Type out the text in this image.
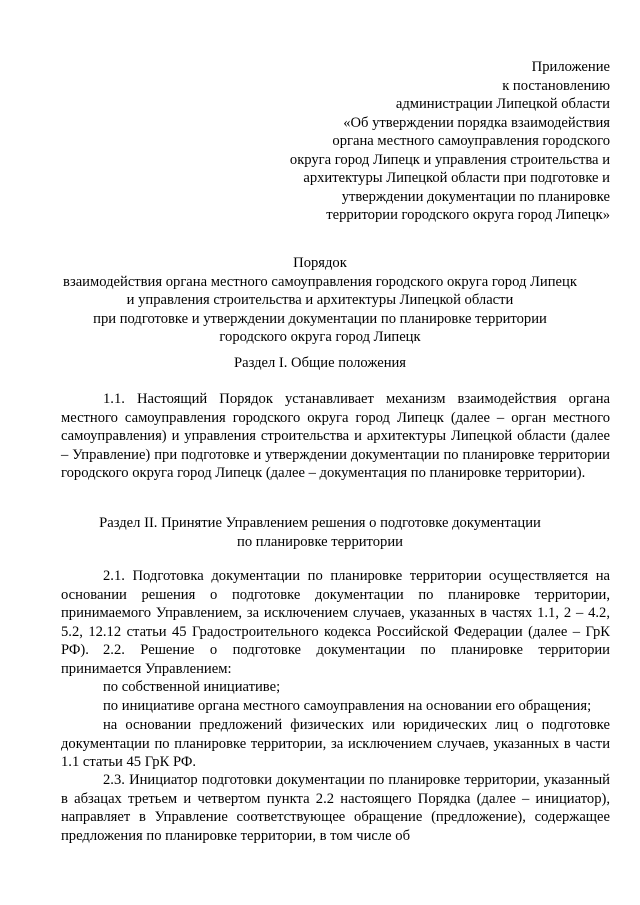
Приложение
к постановлению
администрации Липецкой области
«Об утверждении порядка взаимодействия
органа местного самоуправления городского
округа город Липецк и управления строительства и
архитектуры Липецкой области при подготовке и
утверждении документации по планировке
территории городского округа город Липецк»
Порядок
взаимодействия органа местного самоуправления городского округа город Липецк
и управления строительства и архитектуры Липецкой области
при подготовке и утверждении документации по планировке территории
городского округа город Липецк
Раздел I. Общие положения

1.1. Настоящий Порядок устанавливает механизм взаимодействия органа местного самоуправления городского округа город Липецк (далее – орган местного самоуправления) и управления строительства и архитектуры Липецкой области (далее – Управление) при подготовке и утверждении документации по планировке территории городского округа город Липецк (далее – документация по планировке территории).

Раздел II. Принятие Управлением решения о подготовке документации
по планировке территории

2.1. Подготовка документации по планировке территории осуществляется на основании решения о подготовке документации по планировке территории, принимаемого Управлением, за исключением случаев, указанных в частях 1.1, 2 – 4.2, 5.2, 12.12 статьи 45 Градостроительного кодекса Российской Федерации (далее – ГрК РФ). 2.2. Решение о подготовке документации по планировке территории принимается Управлением:

по собственной инициативе;

по инициативе органа местного самоуправления на основании его обращения;

на основании предложений физических или юридических лиц о подготовке документации по планировке территории, за исключением случаев, указанных в части 1.1 статьи 45 ГрК РФ.

2.3. Инициатор подготовки документации по планировке территории, указанный в абзацах третьем и четвертом пункта 2.2 настоящего Порядка (далее – инициатор), направляет в Управление соответствующее обращение (предложение), содержащее предложения по планировке территории, в том числе об
